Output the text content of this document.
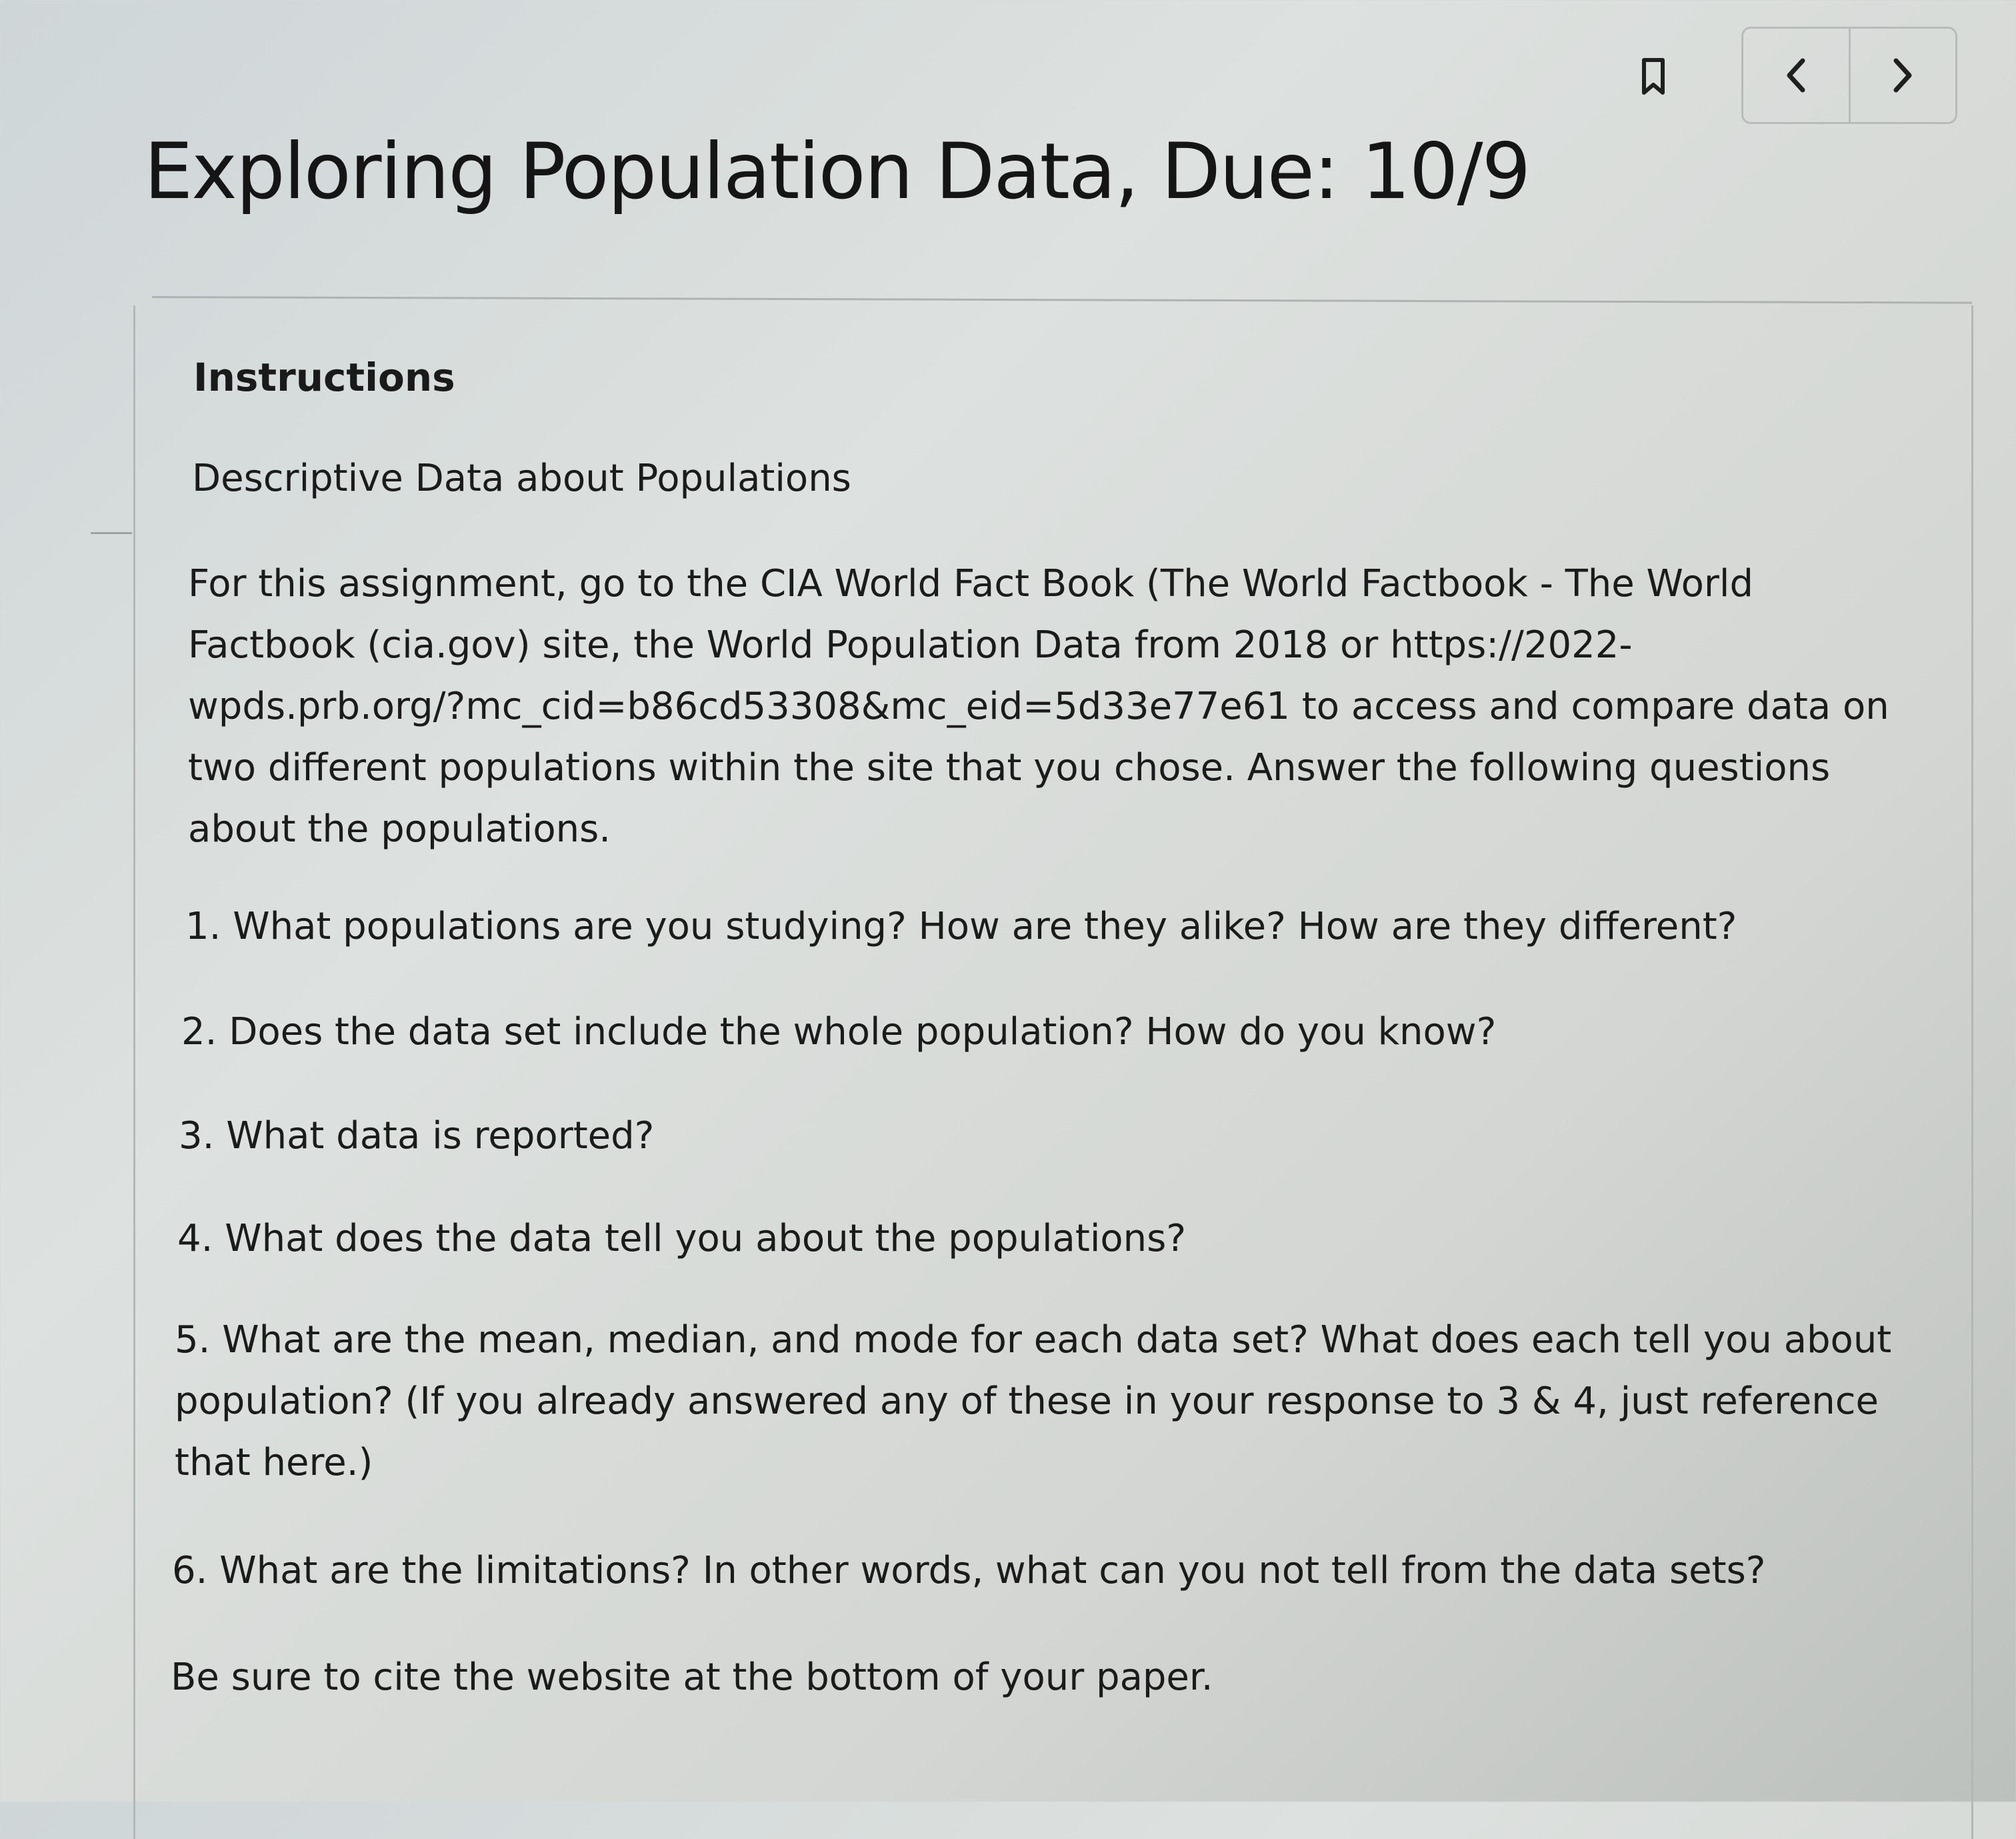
Exploring Population Data, Due: 10/9
Instructions

Descriptive Data about Populations

For this assignment, go to the CIA World Fact Book (The World Factbook - The World
Factbook (cia.gov) site, the World Population Data from 2018 or https://2022-
wpds.prb.org/?mc_cid=b86cd53308&mc_eid=5d33e77e61 to access and compare data on
two different populations within the site that you chose. Answer the following questions
about the populations.

1. What populations are you studying? How are they alike? How are they different?

2. Does the data set include the whole population? How do you know?

3. What data is reported?

4. What does the data tell you about the populations?

5. What are the mean, median, and mode for each data set? What does each tell you about
population? (If you already answered any of these in your response to 3 & 4, just reference
that here.)

6. What are the limitations? In other words, what can you not tell from the data sets?

Be sure to cite the website at the bottom of your paper.
